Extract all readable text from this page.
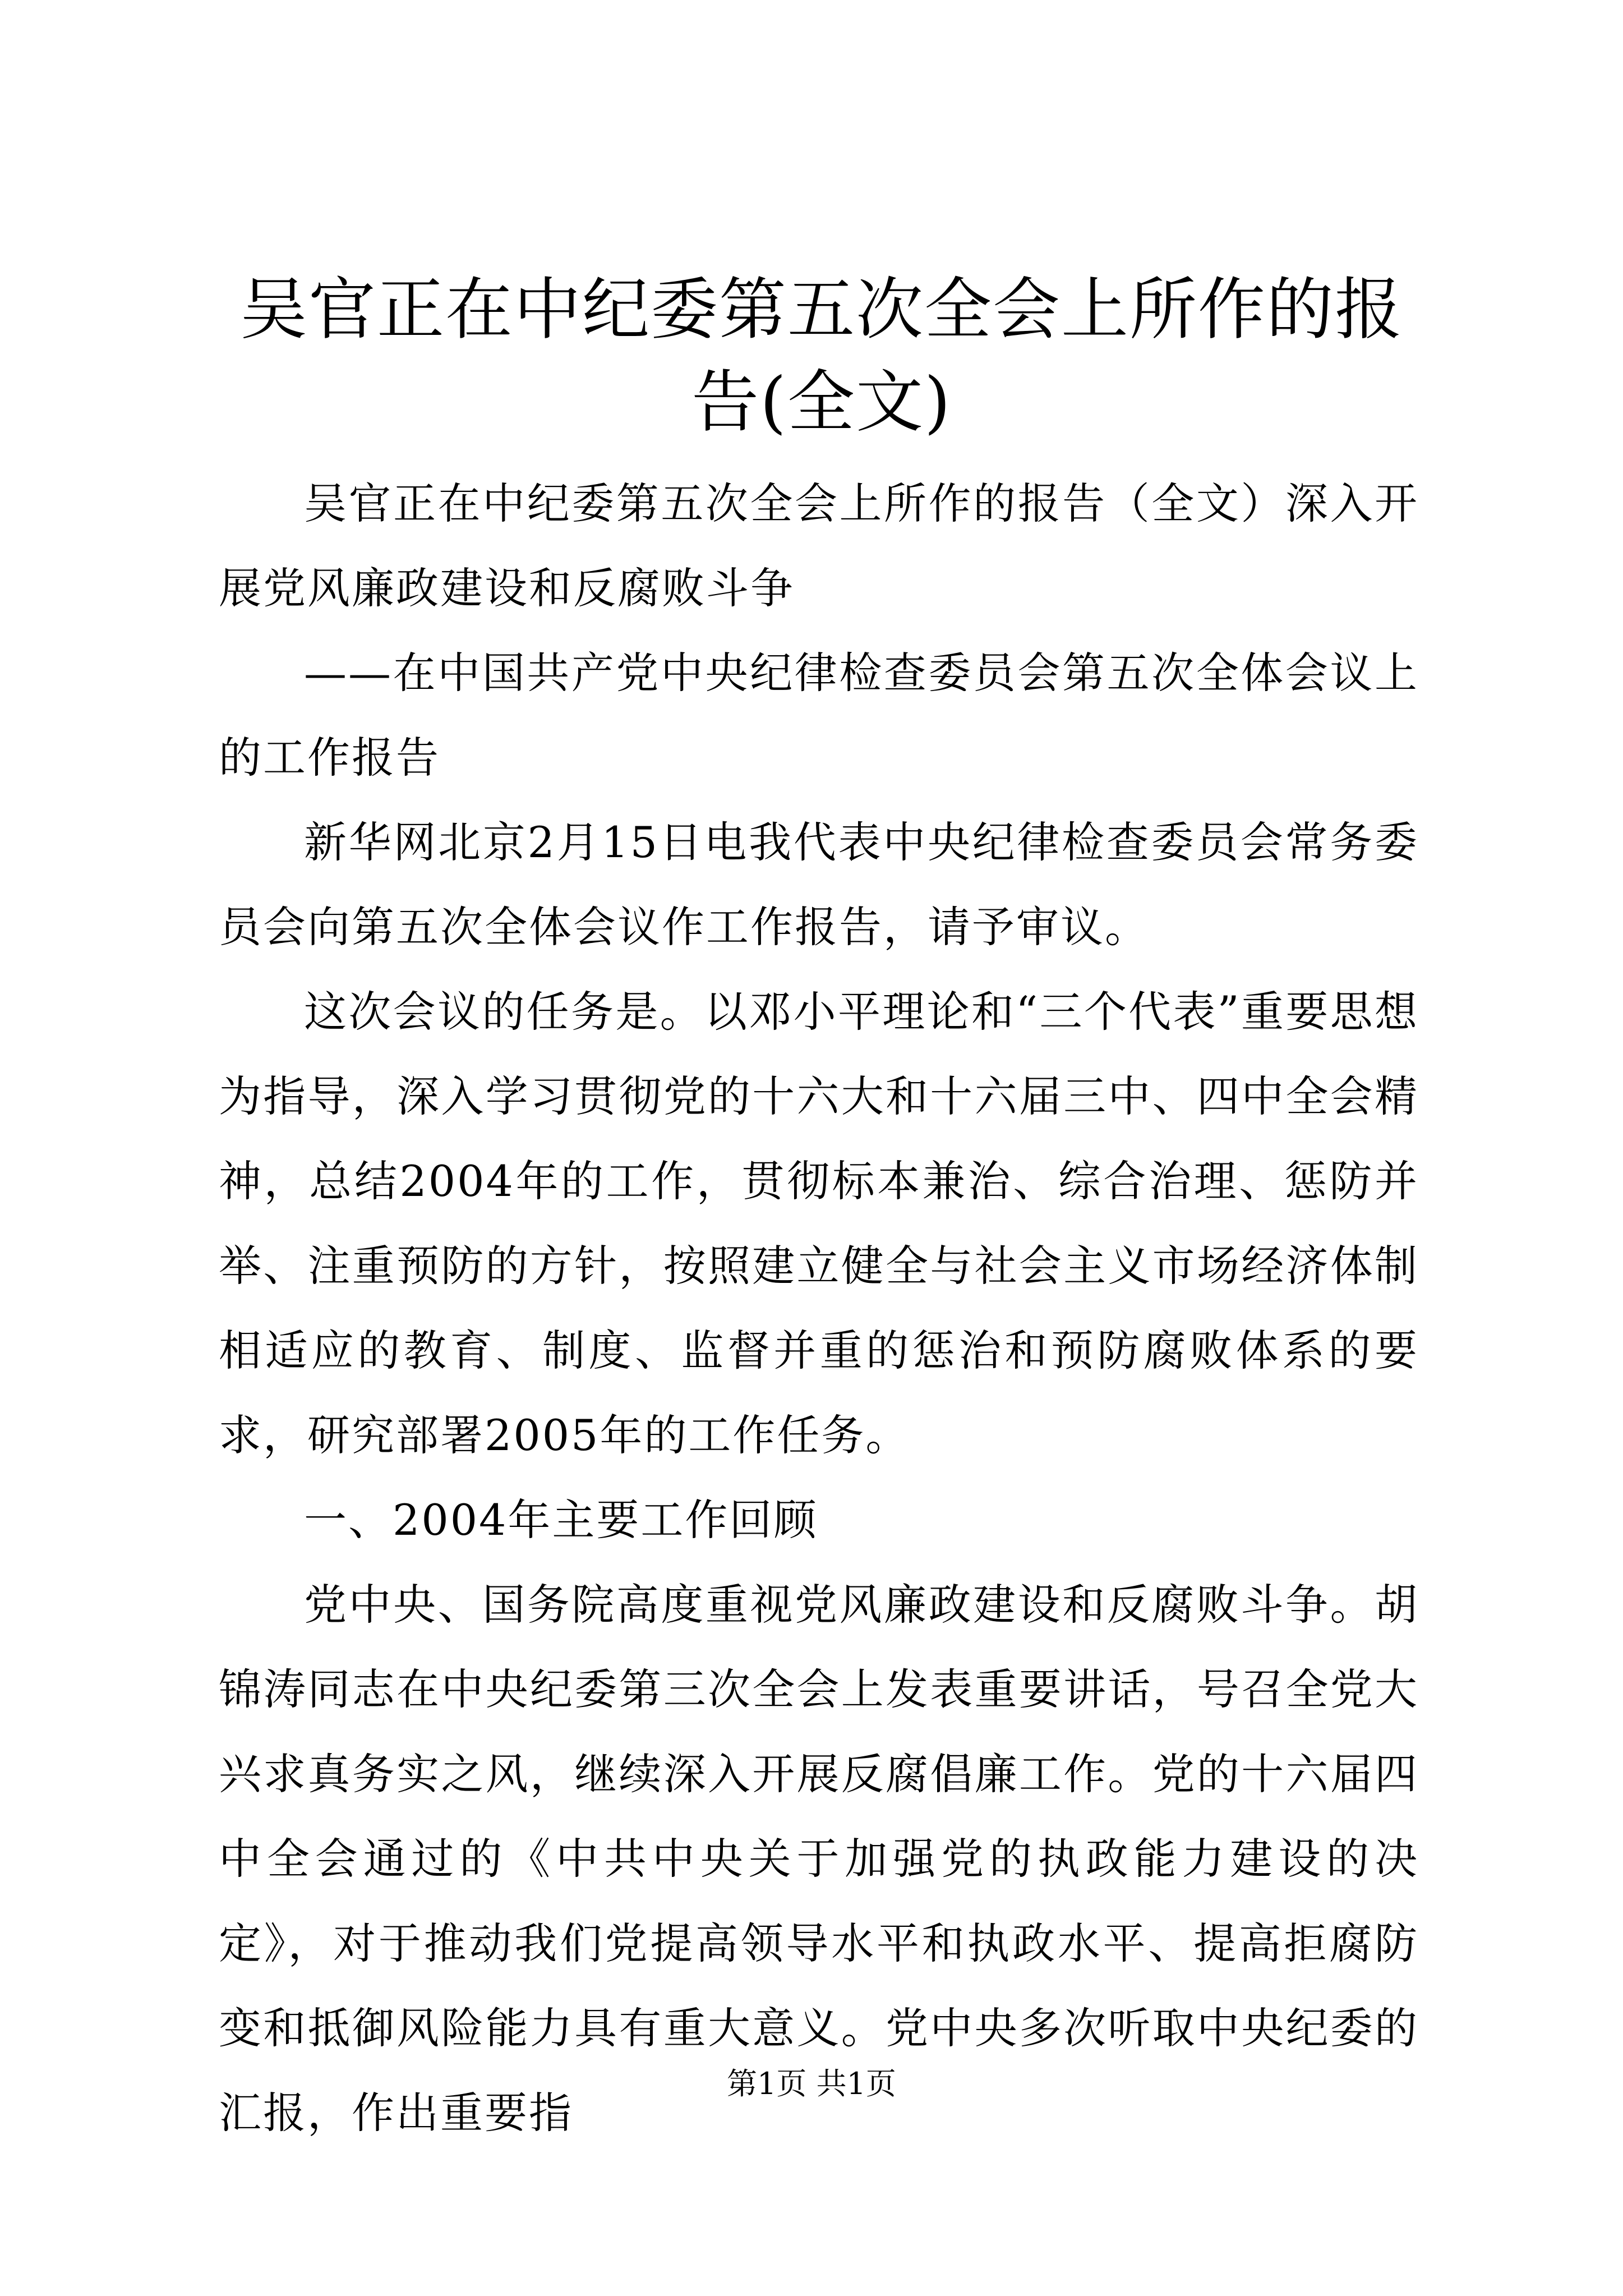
吴官正在中纪委第五次全会上所作的报告(全文)

吴官正在中纪委第五次全会上所作的报告（全文）深入开展党风廉政建设和反腐败斗争

——在中国共产党中央纪律检查委员会第五次全体会议上的工作报告

新华网北京2月15日电我代表中央纪律检查委员会常务委员会向第五次全体会议作工作报告，请予审议。

这次会议的任务是。以邓小平理论和“三个代表”重要思想为指导，深入学习贯彻党的十六大和十六届三中、四中全会精神，总结2004年的工作，贯彻标本兼治、综合治理、惩防并举、注重预防的方针，按照建立健全与社会主义市场经济体制相适应的教育、制度、监督并重的惩治和预防腐败体系的要求，研究部署2005年的工作任务。

一、2004年主要工作回顾

党中央、国务院高度重视党风廉政建设和反腐败斗争。胡锦涛同志在中央纪委第三次全会上发表重要讲话，号召全党大兴求真务实之风，继续深入开展反腐倡廉工作。党的十六届四中全会通过的《中共中央关于加强党的执政能力建设的决定》，对于推动我们党提高领导水平和执政水平、提高拒腐防变和抵御风险能力具有重大意义。党中央多次听取中央纪委的汇报，作出重要指

第1页 共1页
